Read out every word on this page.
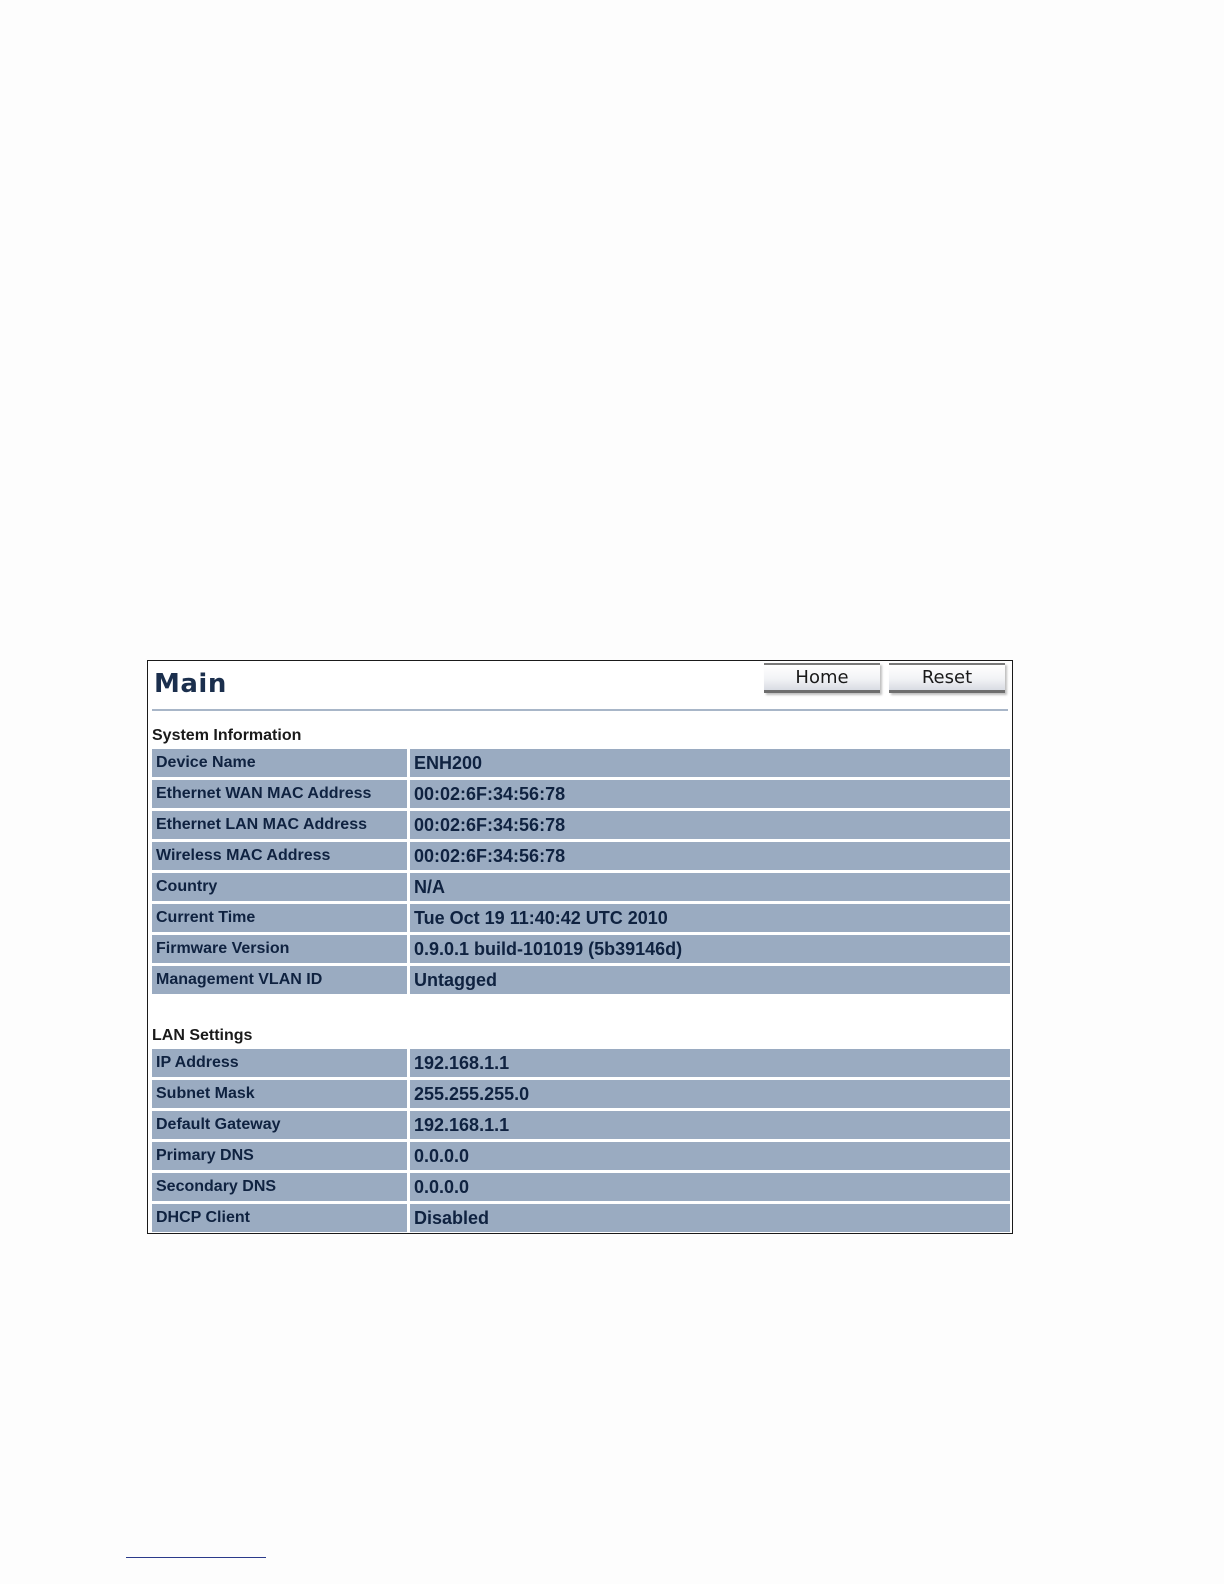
Main	Home	Reset
System Information
Device Name	ENH200
Ethernet WAN MAC Address	00:02:6F:34:56:78
Ethernet LAN MAC Address	00:02:6F:34:56:78
Wireless MAC Address	00:02:6F:34:56:78
Country	N/A
Current Time	Tue Oct 19 11:40:42 UTC 2010
Firmware Version	0.9.0.1 build-101019 (5b39146d)
Management VLAN ID	Untagged
LAN Settings
IP Address	192.168.1.1
Subnet Mask	255.255.255.0
Default Gateway	192.168.1.1
Primary DNS	0.0.0.0
Secondary DNS	0.0.0.0
DHCP Client	Disabled
